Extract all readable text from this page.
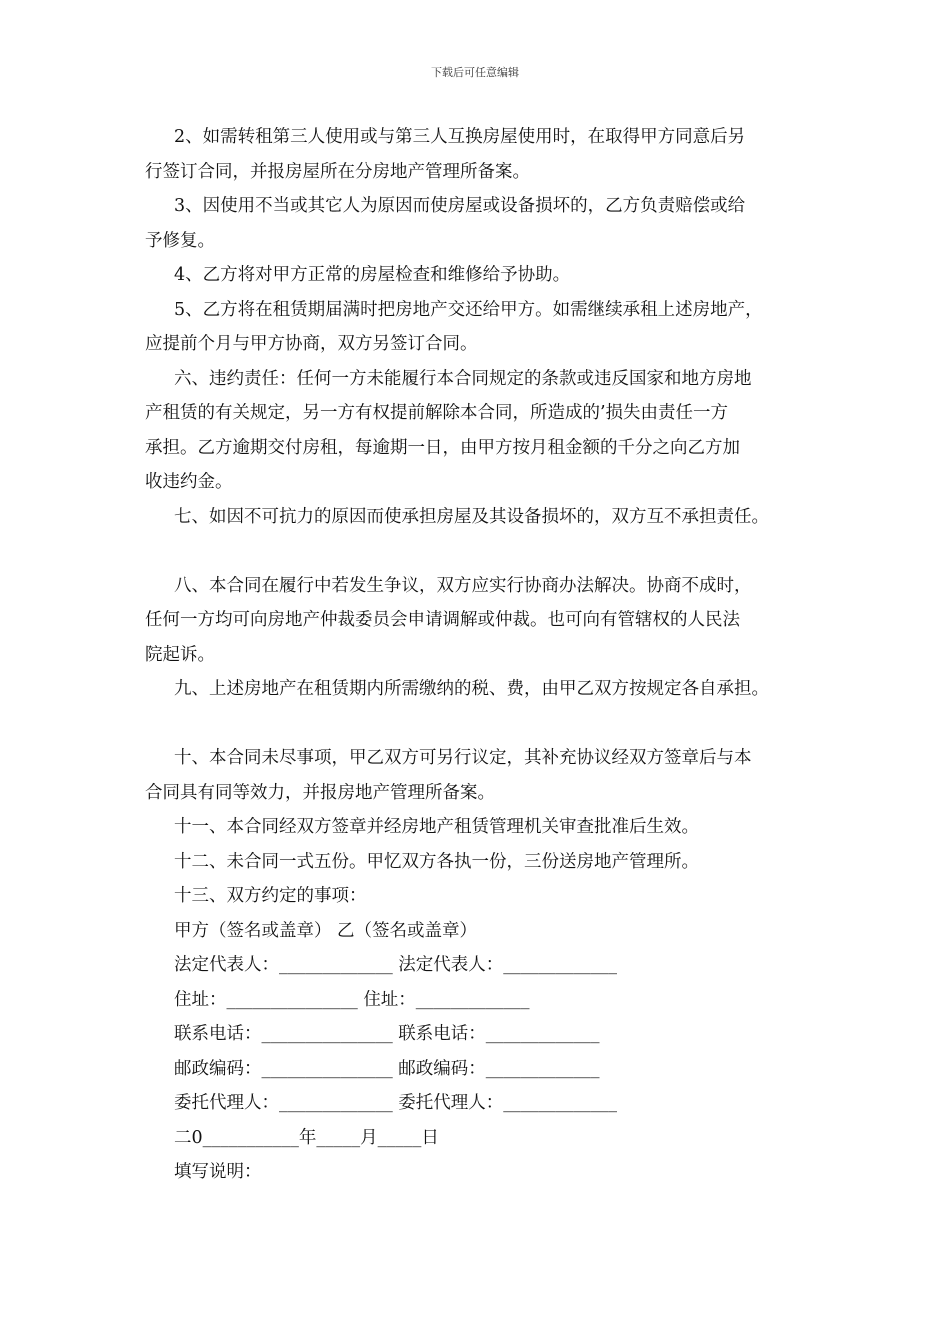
下载后可任意编辑
2、如需转租第三人使用或与第三人互换房屋使用时，在取得甲方同意后另
行签订合同，并报房屋所在分房地产管理所备案。
3、因使用不当或其它人为原因而使房屋或设备损坏的，乙方负责赔偿或给
予修复。
4、乙方将对甲方正常的房屋检查和维修给予协助。
5、乙方将在租赁期届满时把房地产交还给甲方。如需继续承租上述房地产，
应提前个月与甲方协商，双方另签订合同。
六、违约责任：任何一方未能履行本合同规定的条款或违反国家和地方房地
产租赁的有关规定，另一方有权提前解除本合同，所造成的’损失由责任一方
承担。乙方逾期交付房租，每逾期一日，由甲方按月租金额的千分之向乙方加
收违约金。
七、如因不可抗力的原因而使承担房屋及其设备损坏的，双方互不承担责任。
八、本合同在履行中若发生争议，双方应实行协商办法解决。协商不成时，
任何一方均可向房地产仲裁委员会申请调解或仲裁。也可向有管辖权的人民法
院起诉。
九、上述房地产在租赁期内所需缴纳的税、费，由甲乙双方按规定各自承担。
十、本合同未尽事项，甲乙双方可另行议定，其补充协议经双方签章后与本
合同具有同等效力，并报房地产管理所备案。
十一、本合同经双方签章并经房地产租赁管理机关审查批准后生效。
十二、未合同一式五份。甲忆双方各执一份，三份送房地产管理所。
十三、双方约定的事项：
甲方（签名或盖章） 乙（签名或盖章）
法定代表人：_____________ 法定代表人：_____________
住址：_______________ 住址：_____________
联系电话：_______________ 联系电话：_____________
邮政编码：_______________ 邮政编码：_____________
委托代理人：_____________ 委托代理人：_____________
二0___________年_____月_____日
填写说明：
